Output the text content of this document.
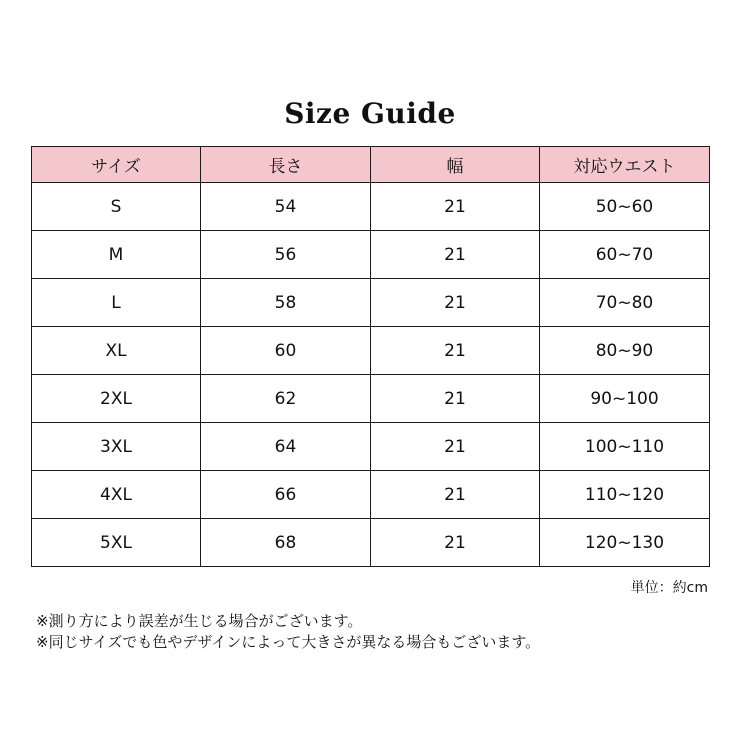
Size Guide
サイズ	長さ	幅	対応ウエスト
S	54	21	50~60
M	56	21	60~70
L	58	21	70~80
XL	60	21	80~90
2XL	62	21	90~100
3XL	64	21	100~110
4XL	66	21	110~120
5XL	68	21	120~130
単位：約cm
※測り方により誤差が生じる場合がございます。
※同じサイズでも色やデザインによって大きさが異なる場合もございます。
